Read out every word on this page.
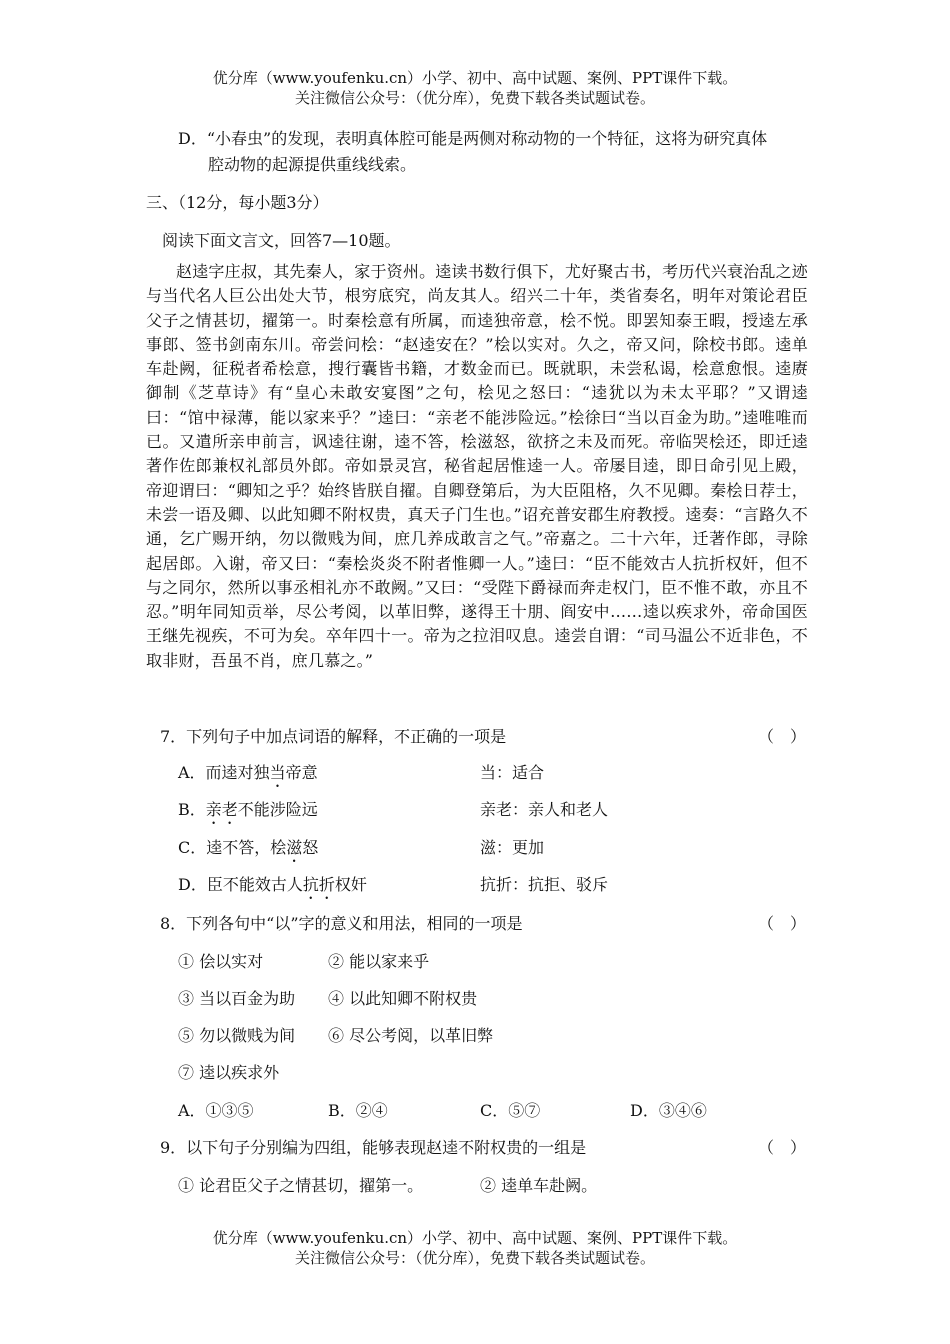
优分库（www.youfenku.cn）小学、初中、高中试题、案例、PPT课件下载。
关注微信公众号：（优分库），免费下载各类试题试卷。
D．“小春虫”的发现，表明真体腔可能是两侧对称动物的一个特征，这将为研究真体
腔动物的起源提供重线线索。
三、（12分，每小题3分）
阅读下面文言文，回答7—10题。
赵逵字庄叔，其先秦人，家于资州。逵读书数行俱下，尤好聚古书，考历代兴衰治乱之迹与当代名人巨公出处大节，根穷底究，尚友其人。绍兴二十年，类省奏名，明年对策论君臣父子之情甚切，擢第一。时秦桧意有所属，而逵独帝意，桧不悦。即罢知泰王暇，授逵左承事郎、签书剑南东川。帝尝问桧：“赵逵安在？”桧以实对。久之，帝又问，除校书郎。逵单车赴阙，征税者希桧意，搜行囊皆书籍，才数金而已。既就职，未尝私谒，桧意愈恨。逵赓御制《芝草诗》有“皇心未敢安宴图”之句，桧见之怒曰：“逵犹以为未太平耶？”又谓逵曰：“馆中禄薄，能以家来乎？”逵曰：“亲老不能涉险远。”桧徐曰“当以百金为助。”逵唯唯而已。又遣所亲申前言，讽逵往谢，逵不答，桧滋怒，欲挤之未及而死。帝临哭桧还，即迁逵著作佐郎兼权礼部员外郎。帝如景灵宫，秘省起居惟逵一人。帝屡目逵，即日命引见上殿，帝迎谓曰：“卿知之乎？始终皆朕自擢。自卿登第后，为大臣阻格，久不见卿。秦桧日荐士，未尝一语及卿、以此知卿不附权贵，真天子门生也。”诏充普安郡生府教授。逵奏：“言路久不通，乞广赐开纳，勿以微贱为间，庶几养成敢言之气。”帝嘉之。二十六年，迁著作郎，寻除起居郎。入谢，帝又曰：“秦桧炎炎不附者惟卿一人。”逵曰：“臣不能效古人抗折权奸，但不与之同尔，然所以事丞相礼亦不敢阙。”又曰：“受陛下爵禄而奔走权门，臣不惟不敢，亦且不忍。”明年同知贡举，尽公考阅，以革旧弊，遂得王十朋、阎安中……逵以疾求外，帝命国医王继先视疾，不可为矣。卒年四十一。帝为之拉泪叹息。逵尝自谓：“司马温公不近非色，不取非财，吾虽不肖，庶几慕之。”
7．下列句子中加点词语的解释，不正确的一项是	（　）
A．而逵对独当帝意	当：适合
B．亲老不能涉险远	亲老：亲人和老人
C．逵不答，桧滋怒	滋：更加
D．臣不能效古人抗折权奸	抗折：抗拒、驳斥
8．下列各句中“以”字的意义和用法，相同的一项是	（　）
① 侩以实对	② 能以家来乎
③ 当以百金为助 ④ 以此知卿不附权贵
⑤ 勿以微贱为间 ⑥ 尽公考阅，以革旧弊
⑦ 逵以疾求外
A．①③⑤	B．②④	C．⑤⑦	D．③④⑥
9．以下句子分别编为四组，能够表现赵逵不附权贵的一组是	（　）
① 论君臣父子之情甚切，擢第一。	② 逵单车赴阙。
优分库（www.youfenku.cn）小学、初中、高中试题、案例、PPT课件下载。
关注微信公众号：（优分库），免费下载各类试题试卷。
